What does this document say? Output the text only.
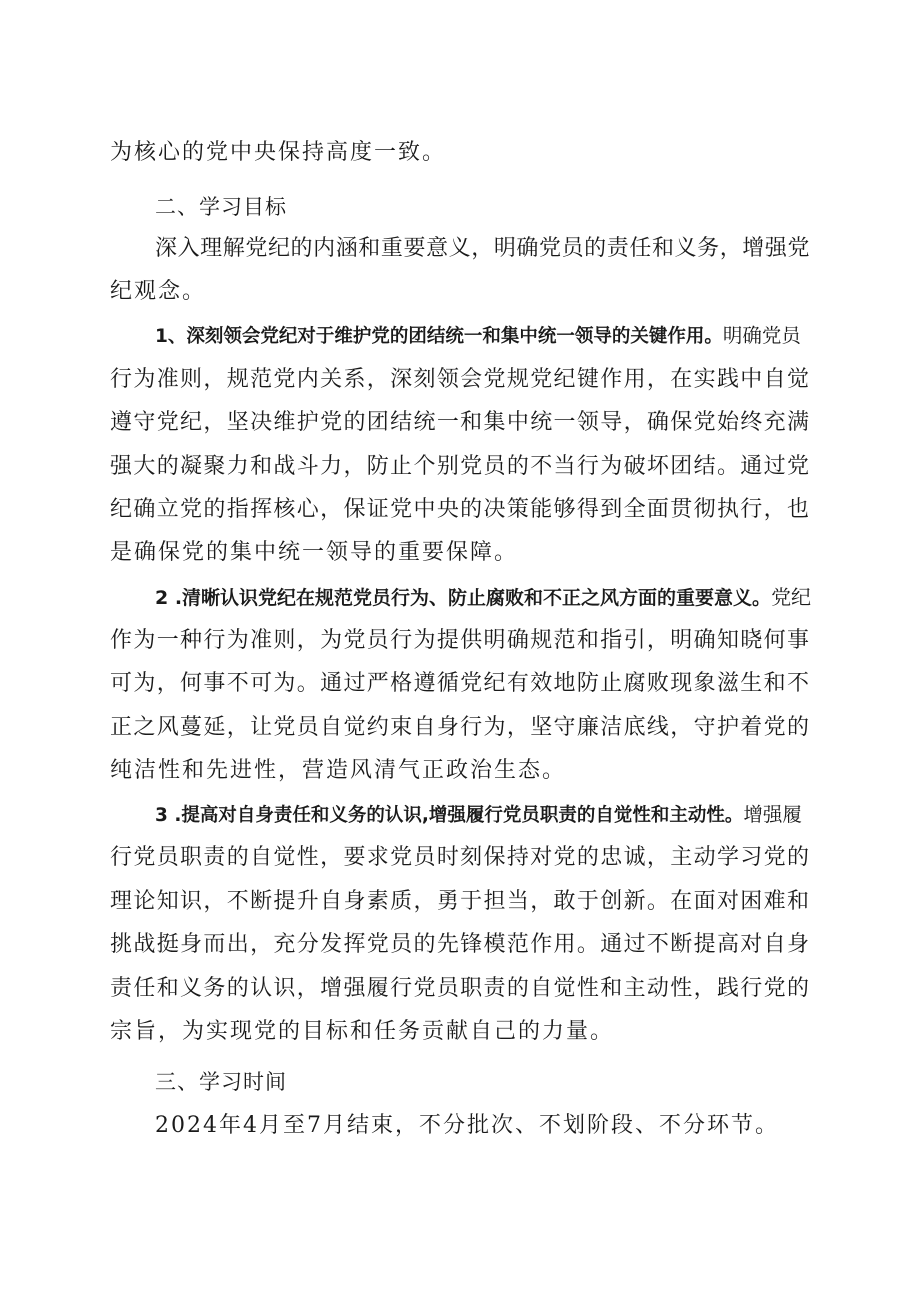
为核心的党中央保持高度一致。
二、学习目标
深入理解党纪的内涵和重要意义，明确党员的责任和义务，增强党
纪观念。
1、深刻领会党纪对于维护党的团结统一和集中统一领导的关键作用。明确党员
行为准则，规范党内关系，深刻领会党规党纪键作用，在实践中自觉
遵守党纪，坚决维护党的团结统一和集中统一领导，确保党始终充满
强大的凝聚力和战斗力，防止个别党员的不当行为破坏团结。通过党
纪确立党的指挥核心，保证党中央的决策能够得到全面贯彻执行，也
是确保党的集中统一领导的重要保障。
2 .清晰认识党纪在规范党员行为、防止腐败和不正之风方面的重要意义。党纪
作为一种行为准则，为党员行为提供明确规范和指引，明确知晓何事
可为，何事不可为。通过严格遵循党纪有效地防止腐败现象滋生和不
正之风蔓延，让党员自觉约束自身行为，坚守廉洁底线，守护着党的
纯洁性和先进性，营造风清气正政治生态。
3 .提高对自身责任和义务的认识,增强履行党员职责的自觉性和主动性。增强履
行党员职责的自觉性，要求党员时刻保持对党的忠诚，主动学习党的
理论知识，不断提升自身素质，勇于担当，敢于创新。在面对困难和
挑战挺身而出，充分发挥党员的先锋模范作用。通过不断提高对自身
责任和义务的认识，增强履行党员职责的自觉性和主动性，践行党的
宗旨，为实现党的目标和任务贡献自己的力量。
三、学习时间
2024年4月至7月结束，不分批次、不划阶段、不分环节。
